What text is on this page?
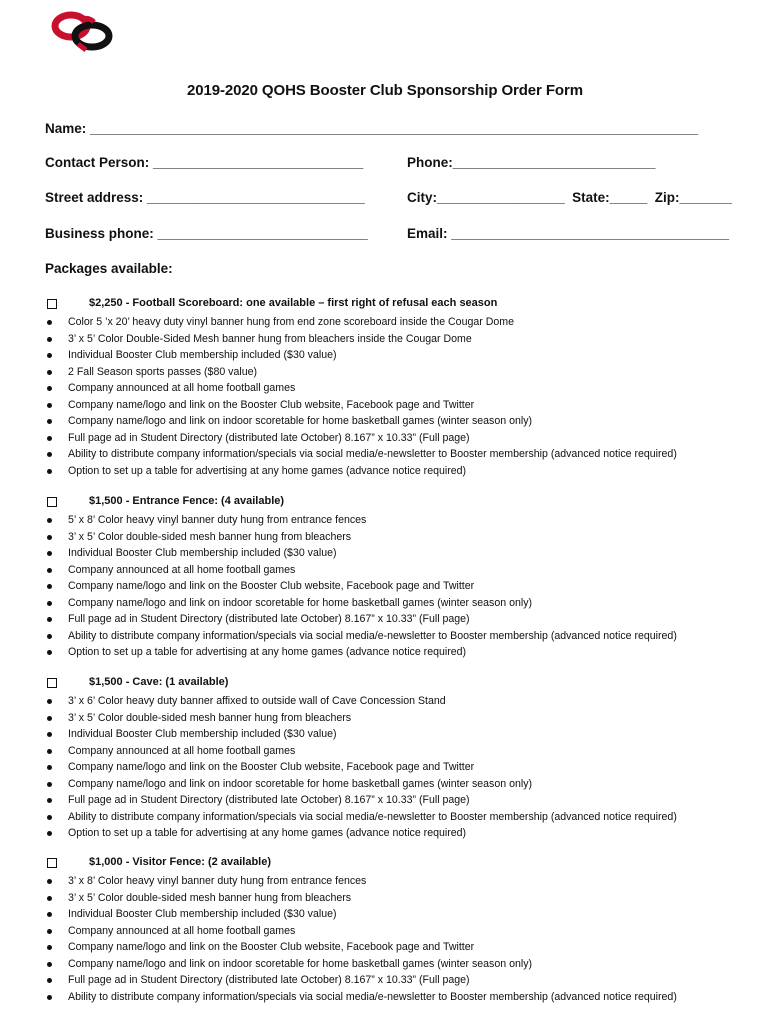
2019-2020 QOHS Booster Club Sponsorship Order Form
Name: _________________________________________________________________________________
Contact Person: ____________________________	Phone:___________________________
Street address: _____________________________	City:_________________ State:_____ Zip:_______
Business phone: ____________________________	Email: _____________________________________
Packages available:
$2,250 - Football Scoreboard: one available – first right of refusal each season
Color 5 ’x 20’ heavy duty vinyl banner hung from end zone scoreboard inside the Cougar Dome
3’ x 5’ Color Double-Sided Mesh banner hung from bleachers inside the Cougar Dome
Individual Booster Club membership included ($30 value)
2 Fall Season sports passes ($80 value)
Company announced at all home football games
Company name/logo and link on the Booster Club website, Facebook page and Twitter
Company name/logo and link on indoor scoretable for home basketball games (winter season only)
Full page ad in Student Directory (distributed late October) 8.167” x 10.33” (Full page)
Ability to distribute company information/specials via social media/e-newsletter to Booster membership (advanced notice required)
Option to set up a table for advertising at any home games (advance notice required)
$1,500 - Entrance Fence: (4 available)
5’ x 8’ Color heavy vinyl banner duty hung from entrance fences
3’ x 5’ Color double-sided mesh banner hung from bleachers
Individual Booster Club membership included ($30 value)
Company announced at all home football games
Company name/logo and link on the Booster Club website, Facebook page and Twitter
Company name/logo and link on indoor scoretable for home basketball games (winter season only)
Full page ad in Student Directory (distributed late October) 8.167” x 10.33” (Full page)
Ability to distribute company information/specials via social media/e-newsletter to Booster membership (advanced notice required)
Option to set up a table for advertising at any home games (advance notice required)
$1,500 - Cave: (1 available)
3’ x 6’ Color heavy duty banner affixed to outside wall of Cave Concession Stand
3’ x 5’ Color double-sided mesh banner hung from bleachers
Individual Booster Club membership included ($30 value)
Company announced at all home football games
Company name/logo and link on the Booster Club website, Facebook page and Twitter
Company name/logo and link on indoor scoretable for home basketball games (winter season only)
Full page ad in Student Directory (distributed late October) 8.167” x 10.33” (Full page)
Ability to distribute company information/specials via social media/e-newsletter to Booster membership (advanced notice required)
Option to set up a table for advertising at any home games (advance notice required)
$1,000 - Visitor Fence: (2 available)
3’ x 8’ Color heavy vinyl banner duty hung from entrance fences
3’ x 5’ Color double-sided mesh banner hung from bleachers
Individual Booster Club membership included ($30 value)
Company announced at all home football games
Company name/logo and link on the Booster Club website, Facebook page and Twitter
Company name/logo and link on indoor scoretable for home basketball games (winter season only)
Full page ad in Student Directory (distributed late October) 8.167” x 10.33” (Full page)
Ability to distribute company information/specials via social media/e-newsletter to Booster membership (advanced notice required)
